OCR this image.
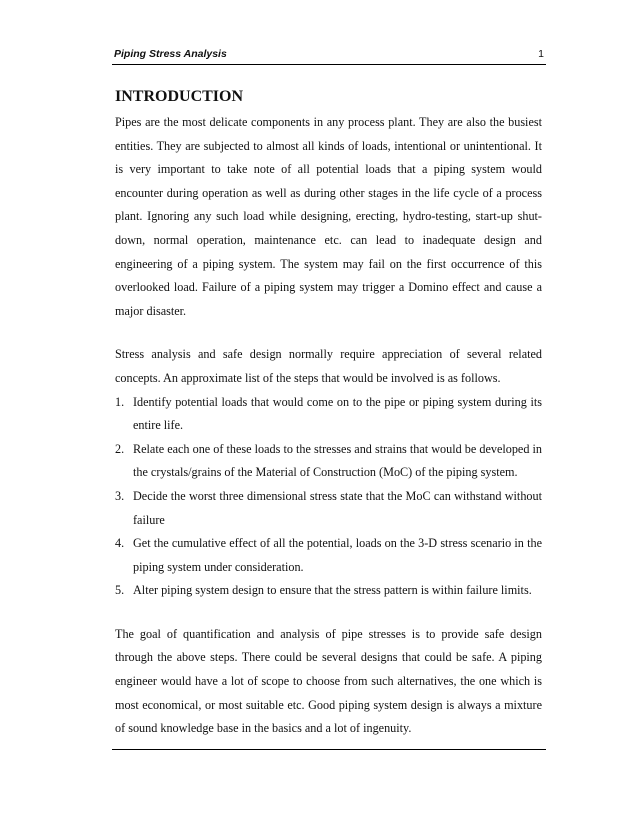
Piping Stress Analysis	1
INTRODUCTION

Pipes are the most delicate components in any process plant. They are also the busiest entities. They are subjected to almost all kinds of loads, intentional or unintentional. It is very important to take note of all potential loads that a piping system would encounter during operation as well as during other stages in the life cycle of a process plant. Ignoring any such load while designing, erecting, hydro-testing, start-up shut-down, normal operation, maintenance etc. can lead to inadequate design and engineering of a piping system. The system may fail on the first occurrence of this overlooked load. Failure of a piping system may trigger a Domino effect and cause a major disaster.

Stress analysis and safe design normally require appreciation of several related concepts. An approximate list of the steps that would be involved is as follows.

1. Identify potential loads that would come on to the pipe or piping system during its entire life.
2. Relate each one of these loads to the stresses and strains that would be developed in the crystals/grains of the Material of Construction (MoC) of the piping system.
3. Decide the worst three dimensional stress state that the MoC can withstand without failure
4. Get the cumulative effect of all the potential, loads on the 3-D stress scenario in the piping system under consideration.
5. Alter piping system design to ensure that the stress pattern is within failure limits.

The goal of quantification and analysis of pipe stresses is to provide safe design through the above steps. There could be several designs that could be safe. A piping engineer would have a lot of scope to choose from such alternatives, the one which is most economical, or most suitable etc. Good piping system design is always a mixture of sound knowledge base in the basics and a lot of ingenuity.
